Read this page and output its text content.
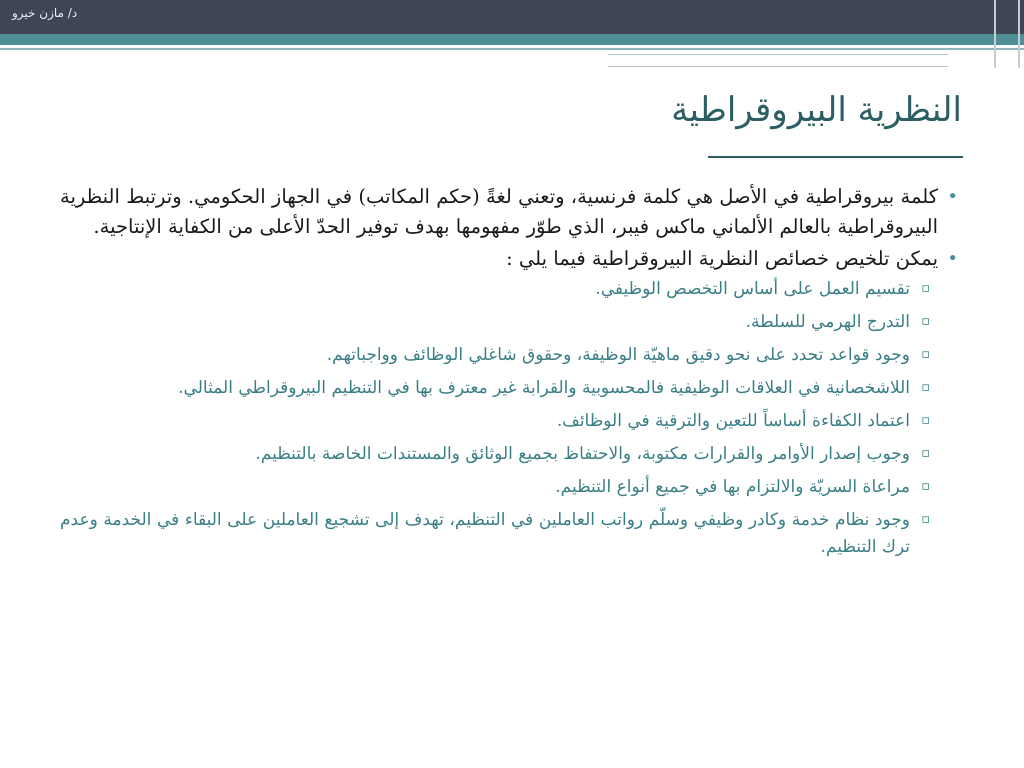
د/ مازن خيرو
النظرية البيروقراطية
•
كلمة بيروقراطية في الأصل هي كلمة فرنسية، وتعني لغةً (حكم المكاتب) في الجهاز الحكومي. وترتبط النظرية البيروقراطية بالعالم الألماني ماكس فيبر، الذي طوّر مفهومها بهدف توفير الحدّ الأعلى من الكفاية الإنتاجية.
•
يمكن تلخيص خصائص النظرية البيروقراطية فيما يلي :
▫
تقسيم العمل على أساس التخصص الوظيفي.
▫
التدرج الهرمي للسلطة.
▫
وجود قواعد تحدد على نحو دقيق ماهيّة الوظيفة، وحقوق شاغلي الوظائف وواجباتهم.
▫
اللاشخصانية في العلاقات الوظيفية فالمحسوبية والقرابة غير معترف بها في التنظيم البيروقراطي المثالي.
▫
اعتماد الكفاءة أساساً للتعين والترقية في الوظائف.
▫
وجوب إصدار الأوامر والقرارات مكتوبة، والاحتفاظ بجميع الوثائق والمستندات الخاصة بالتنظيم.
▫
مراعاة السريّة والالتزام بها في جميع أنواع التنظيم.
▫
وجود نظام خدمة وكادر وظيفي وسلّم رواتب العاملين في التنظيم، تهدف إلى تشجيع العاملين على البقاء في الخدمة وعدم ترك التنظيم.
